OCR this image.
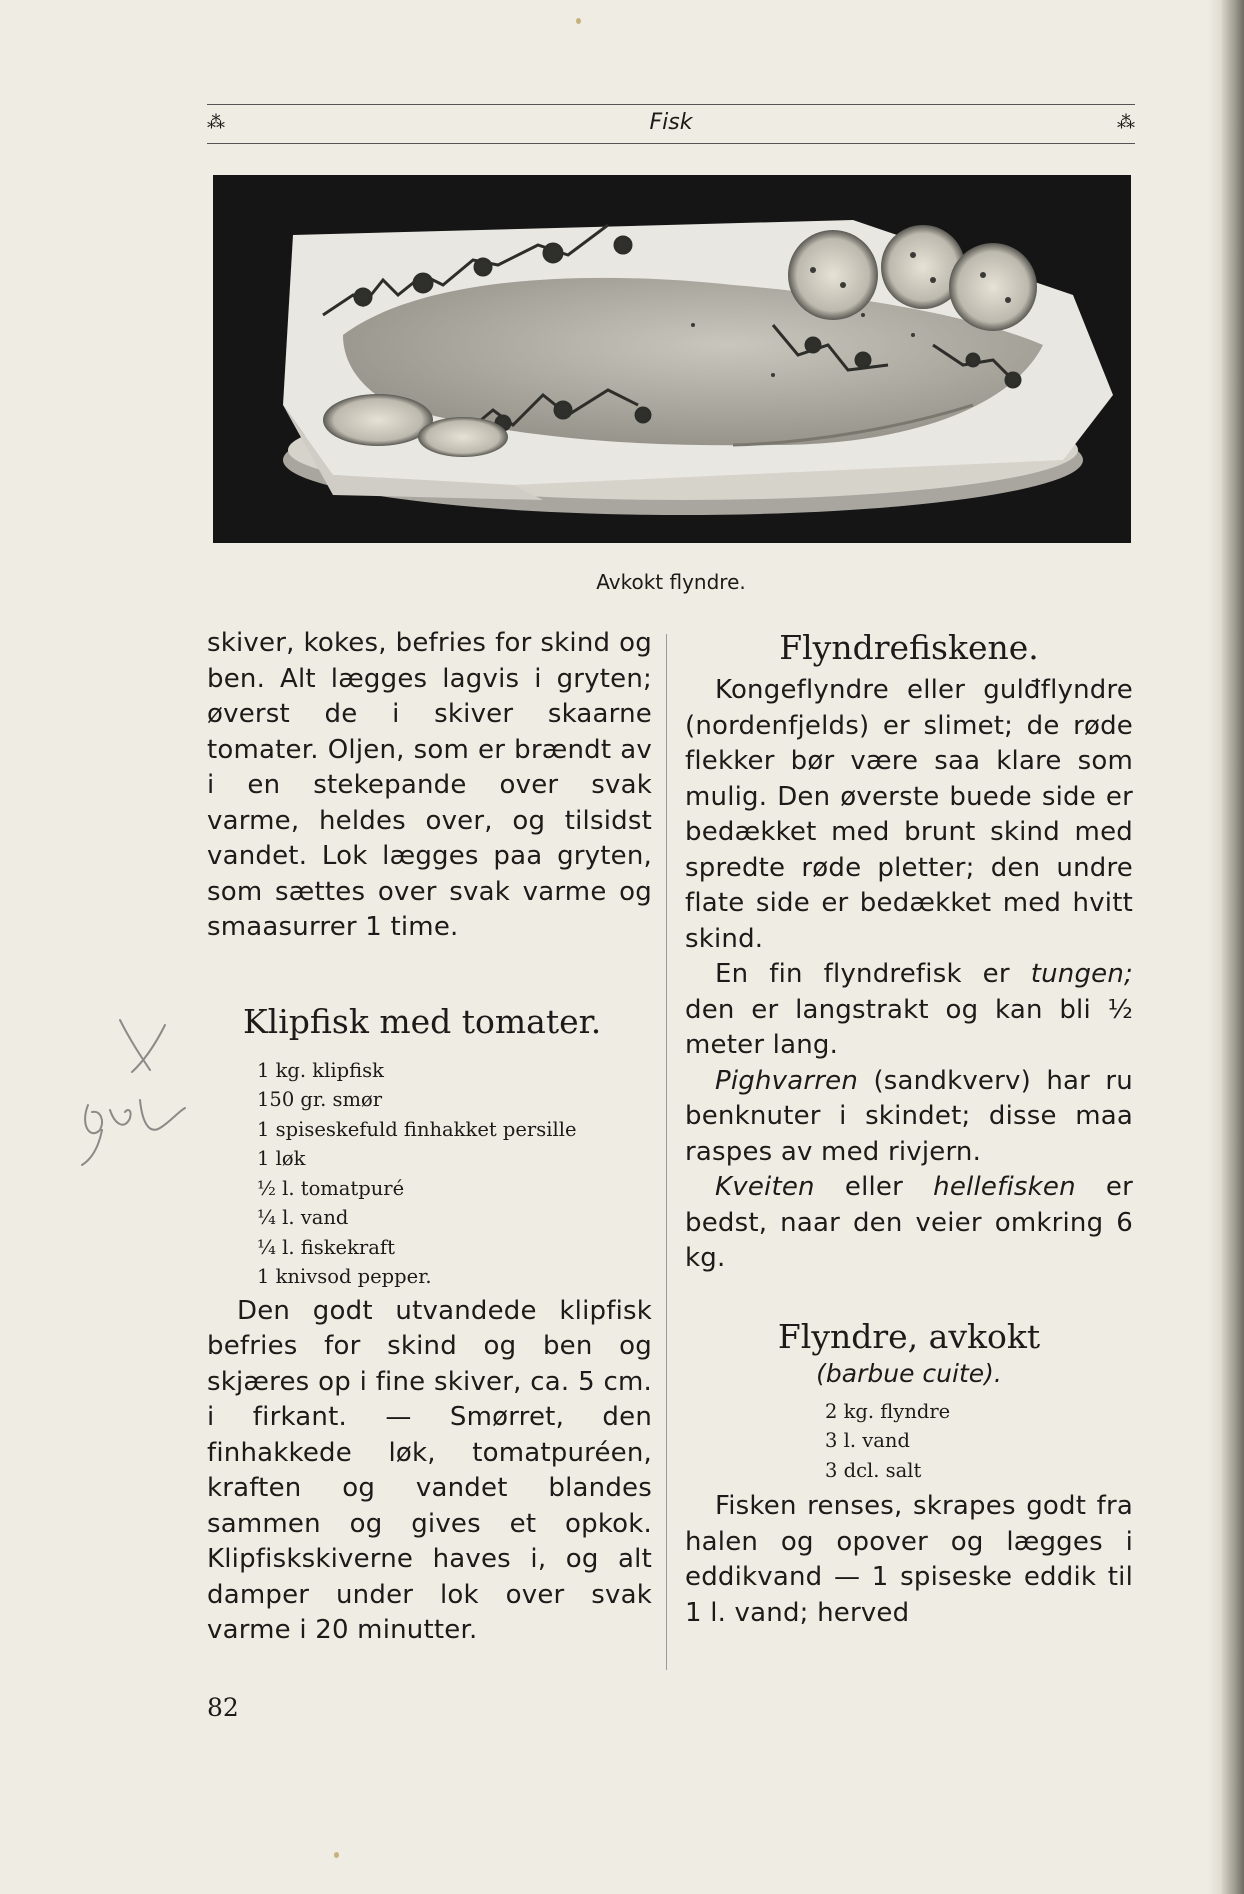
⁂	Fisk	⁂
Avkokt flyndre.

skiver, kokes, befries for skind og ben. Alt lægges lagvis i gryten; øverst de i skiver skaarne tomater. Oljen, som er brændt av i en stekepande over svak varme, heldes over, og tilsidst vandet. Lok lægges paa gryten, som sættes over svak varme og smaasurrer 1 time.

Klipfisk med tomater.
1 kg. klipfisk
150 gr. smør
1 spiseskefuld finhakket persille
1 løk
½ l. tomatpuré
¼ l. vand
¼ l. fiskekraft
1 knivsod pepper.

Den godt utvandede klipfisk befries for skind og ben og skjæres op i fine skiver, ca. 5 cm. i firkant. — Smørret, den finhakkede løk, tomatpuréen, kraften og vandet blandes sammen og gives et opkok. Klipfiskskiverne haves i, og alt damper under lok over svak varme i 20 minutter.

Flyndrefiskene.

Kongeflyndre eller gulđflyndre (nordenfjelds) er slimet; de røde flekker bør være saa klare som mulig. Den øverste buede side er bedækket med brunt skind med spredte røde pletter; den undre flate side er bedækket med hvitt skind.

En fin flyndrefisk er tungen; den er langstrakt og kan bli ½ meter lang.

Pighvarren (sandkverv) har ru benknuter i skindet; disse maa raspes av med rivjern.

Kveiten eller hellefisken er bedst, naar den veier omkring 6 kg.

Flyndre, avkokt
(barbue cuite).
2 kg. flyndre
3 l. vand
3 dcl. salt

Fisken renses, skrapes godt fra halen og opover og lægges i eddikvand — 1 spiseske eddik til 1 l. vand; herved

82
